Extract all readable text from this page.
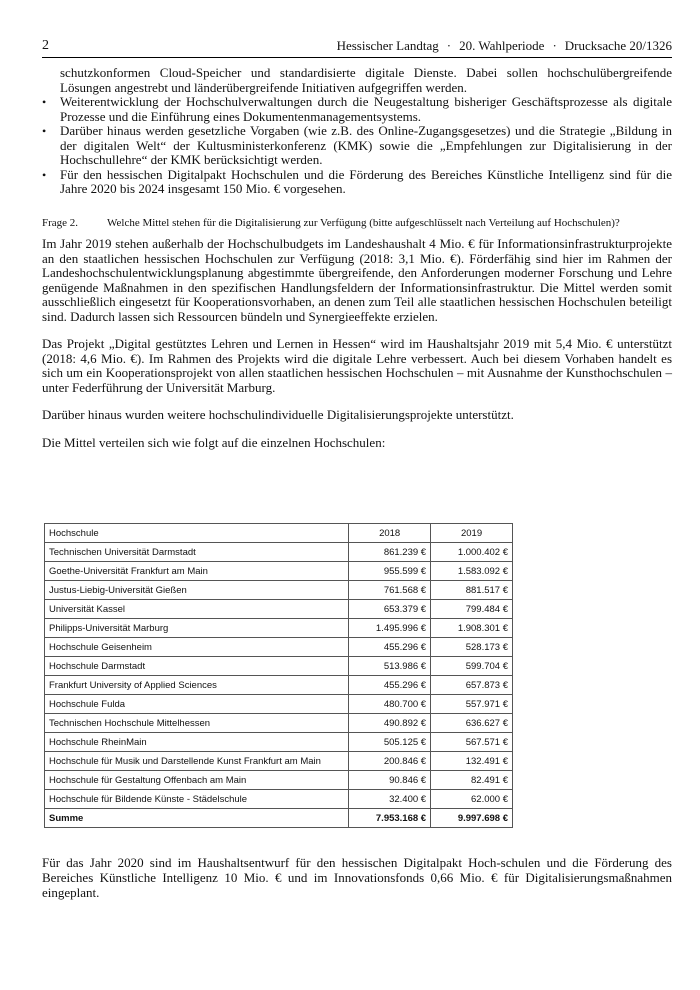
2	Hessischer Landtag · 20. Wahlperiode · Drucksache 20/1326

schutzkonformen Cloud-Speicher und standardisierte digitale Dienste. Dabei sollen hochschulübergreifende Lösungen angestrebt und länderübergreifende Initiativen aufgegriffen werden.

• Weiterentwicklung der Hochschulverwaltungen durch die Neugestaltung bisheriger Geschäftsprozesse als digitale Prozesse und die Einführung eines Dokumentenmanagementsystems.
• Darüber hinaus werden gesetzliche Vorgaben (wie z.B. des Online-Zugangsgesetzes) und die Strategie „Bildung in der digitalen Welt“ der Kultusministerkonferenz (KMK) sowie die „Empfehlungen zur Digitalisierung in der Hochschullehre“ der KMK berücksichtigt werden.
• Für den hessischen Digitalpakt Hochschulen und die Förderung des Bereiches Künstliche Intelligenz sind für die Jahre 2020 bis 2024 insgesamt 150 Mio. € vorgesehen.
Frage 2.	Welche Mittel stehen für die Digitalisierung zur Verfügung (bitte aufgeschlüsselt nach Verteilung auf Hochschulen)?

Im Jahr 2019 stehen außerhalb der Hochschulbudgets im Landeshaushalt 4 Mio. € für Informationsinfrastrukturprojekte an den staatlichen hessischen Hochschulen zur Verfügung (2018: 3,1 Mio. €). Förderfähig sind hier im Rahmen der Landeshochschulentwicklungsplanung abgestimmte übergreifende, den Anforderungen moderner Forschung und Lehre genügende Maßnahmen in den spezifischen Handlungsfeldern der Informationsinfrastruktur. Die Mittel werden somit ausschließlich eingesetzt für Kooperationsvorhaben, an denen zum Teil alle staatlichen hessischen Hochschulen beteiligt sind. Dadurch lassen sich Ressourcen bündeln und Synergieeffekte erzielen.

Das Projekt „Digital gestütztes Lehren und Lernen in Hessen“ wird im Haushaltsjahr 2019 mit 5,4 Mio. € unterstützt (2018: 4,6 Mio. €). Im Rahmen des Projekts wird die digitale Lehre verbessert. Auch bei diesem Vorhaben handelt es sich um ein Kooperationsprojekt von allen staatlichen hessischen Hochschulen – mit Ausnahme der Kunsthochschulen – unter Federführung der Universität Marburg.

Darüber hinaus wurden weitere hochschulindividuelle Digitalisierungsprojekte unterstützt.

Die Mittel verteilen sich wie folgt auf die einzelnen Hochschulen:

Hochschule	2018	2019
Technischen Universität Darmstadt	861.239 €	1.000.402 €
Goethe-Universität Frankfurt am Main	955.599 €	1.583.092 €
Justus-Liebig-Universität Gießen	761.568 €	881.517 €
Universität Kassel	653.379 €	799.484 €
Philipps-Universität Marburg	1.495.996 €	1.908.301 €
Hochschule Geisenheim	455.296 €	528.173 €
Hochschule Darmstadt	513.986 €	599.704 €
Frankfurt University of Applied Sciences	455.296 €	657.873 €
Hochschule Fulda	480.700 €	557.971 €
Technischen Hochschule Mittelhessen	490.892 €	636.627 €
Hochschule RheinMain	505.125 €	567.571 €
Hochschule für Musik und Darstellende Kunst Frankfurt am Main	200.846 €	132.491 €
Hochschule für Gestaltung Offenbach am Main	90.846 €	82.491 €
Hochschule für Bildende Künste - Städelschule	32.400 €	62.000 €
Summe	7.953.168 €	9.997.698 €

Für das Jahr 2020 sind im Haushaltsentwurf für den hessischen Digitalpakt Hoch-schulen und die Förderung des Bereiches Künstliche Intelligenz 10 Mio. € und im Innovationsfonds 0,66 Mio. € für Digitalisierungsmaßnahmen eingeplant.
